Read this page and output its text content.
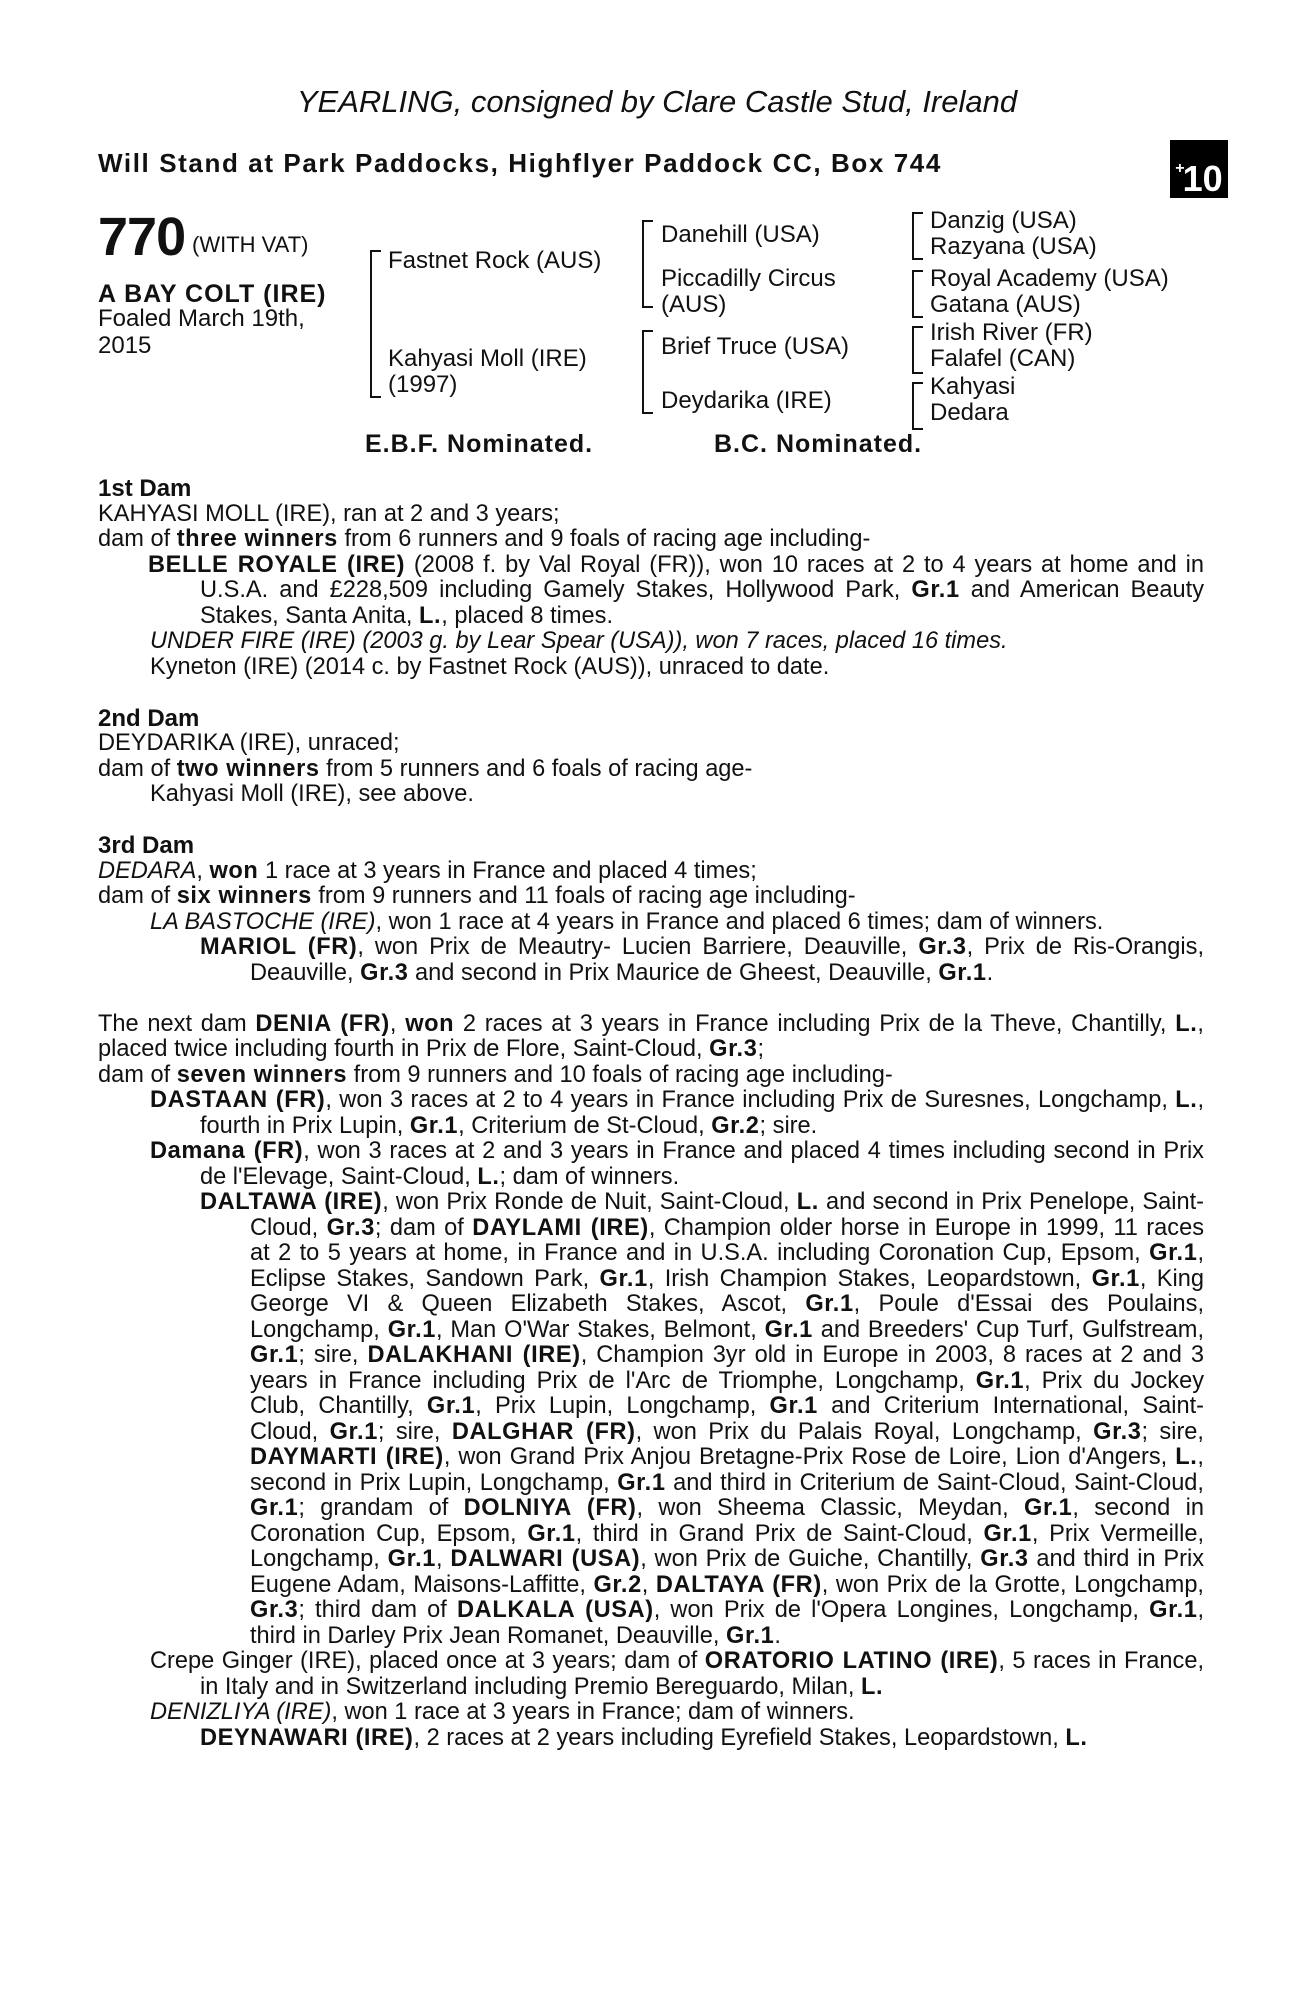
YEARLING, consigned by Clare Castle Stud, Ireland
Will Stand at Park Paddocks, Highflyer Paddock CC, Box 744	+10
770 (WITH VAT)
A BAY COLT (IRE)
Foaled March 19th, 2015
Fastnet Rock (AUS)
Kahyasi Moll (IRE)
(1997)
Danehill (USA)
Piccadilly Circus
(AUS)
Brief Truce (USA)
Deydarika (IRE)
Danzig (USA)
Razyana (USA)
Royal Academy (USA)
Gatana (AUS)
Irish River (FR)
Falafel (CAN)
Kahyasi
Dedara
E.B.F. Nominated.	B.C. Nominated.

1st Dam

KAHYASI MOLL (IRE), ran at 2 and 3 years;

dam of three winners from 6 runners and 9 foals of racing age including-

BELLE ROYALE (IRE) (2008 f. by Val Royal (FR)), won 10 races at 2 to 4 years at home and in U.S.A. and £228,509 including Gamely Stakes, Hollywood Park, Gr.1 and American Beauty Stakes, Santa Anita, L., placed 8 times.

UNDER FIRE (IRE) (2003 g. by Lear Spear (USA)), won 7 races, placed 16 times.

Kyneton (IRE) (2014 c. by Fastnet Rock (AUS)), unraced to date.

2nd Dam

DEYDARIKA (IRE), unraced;

dam of two winners from 5 runners and 6 foals of racing age-

Kahyasi Moll (IRE), see above.

3rd Dam

DEDARA, won 1 race at 3 years in France and placed 4 times;

dam of six winners from 9 runners and 11 foals of racing age including-

LA BASTOCHE (IRE), won 1 race at 4 years in France and placed 6 times; dam of winners.

MARIOL (FR), won Prix de Meautry- Lucien Barriere, Deauville, Gr.3, Prix de Ris-Orangis, Deauville, Gr.3 and second in Prix Maurice de Gheest, Deauville, Gr.1.

The next dam DENIA (FR), won 2 races at 3 years in France including Prix de la Theve, Chantilly, L., placed twice including fourth in Prix de Flore, Saint-Cloud, Gr.3;

dam of seven winners from 9 runners and 10 foals of racing age including-

DASTAAN (FR), won 3 races at 2 to 4 years in France including Prix de Suresnes, Longchamp, L., fourth in Prix Lupin, Gr.1, Criterium de St-Cloud, Gr.2; sire.

Damana (FR), won 3 races at 2 and 3 years in France and placed 4 times including second in Prix de l'Elevage, Saint-Cloud, L.; dam of winners.

DALTAWA (IRE), won Prix Ronde de Nuit, Saint-Cloud, L. and second in Prix Penelope, Saint-Cloud, Gr.3; dam of DAYLAMI (IRE), Champion older horse in Europe in 1999, 11 races at 2 to 5 years at home, in France and in U.S.A. including Coronation Cup, Epsom, Gr.1, Eclipse Stakes, Sandown Park, Gr.1, Irish Champion Stakes, Leopardstown, Gr.1, King George VI & Queen Elizabeth Stakes, Ascot, Gr.1, Poule d'Essai des Poulains, Longchamp, Gr.1, Man O'War Stakes, Belmont, Gr.1 and Breeders' Cup Turf, Gulfstream, Gr.1; sire, DALAKHANI (IRE), Champion 3yr old in Europe in 2003, 8 races at 2 and 3 years in France including Prix de l'Arc de Triomphe, Longchamp, Gr.1, Prix du Jockey Club, Chantilly, Gr.1, Prix Lupin, Longchamp, Gr.1 and Criterium International, Saint-Cloud, Gr.1; sire, DALGHAR (FR), won Prix du Palais Royal, Longchamp, Gr.3; sire, DAYMARTI (IRE), won Grand Prix Anjou Bretagne-Prix Rose de Loire, Lion d'Angers, L., second in Prix Lupin, Longchamp, Gr.1 and third in Criterium de Saint-Cloud, Saint-Cloud, Gr.1; grandam of DOLNIYA (FR), won Sheema Classic, Meydan, Gr.1, second in Coronation Cup, Epsom, Gr.1, third in Grand Prix de Saint-Cloud, Gr.1, Prix Vermeille, Longchamp, Gr.1, DALWARI (USA), won Prix de Guiche, Chantilly, Gr.3 and third in Prix Eugene Adam, Maisons-Laffitte, Gr.2, DALTAYA (FR), won Prix de la Grotte, Longchamp, Gr.3; third dam of DALKALA (USA), won Prix de l'Opera Longines, Longchamp, Gr.1, third in Darley Prix Jean Romanet, Deauville, Gr.1.

Crepe Ginger (IRE), placed once at 3 years; dam of ORATORIO LATINO (IRE), 5 races in France, in Italy and in Switzerland including Premio Bereguardo, Milan, L.

DENIZLIYA (IRE), won 1 race at 3 years in France; dam of winners.

DEYNAWARI (IRE), 2 races at 2 years including Eyrefield Stakes, Leopardstown, L.
